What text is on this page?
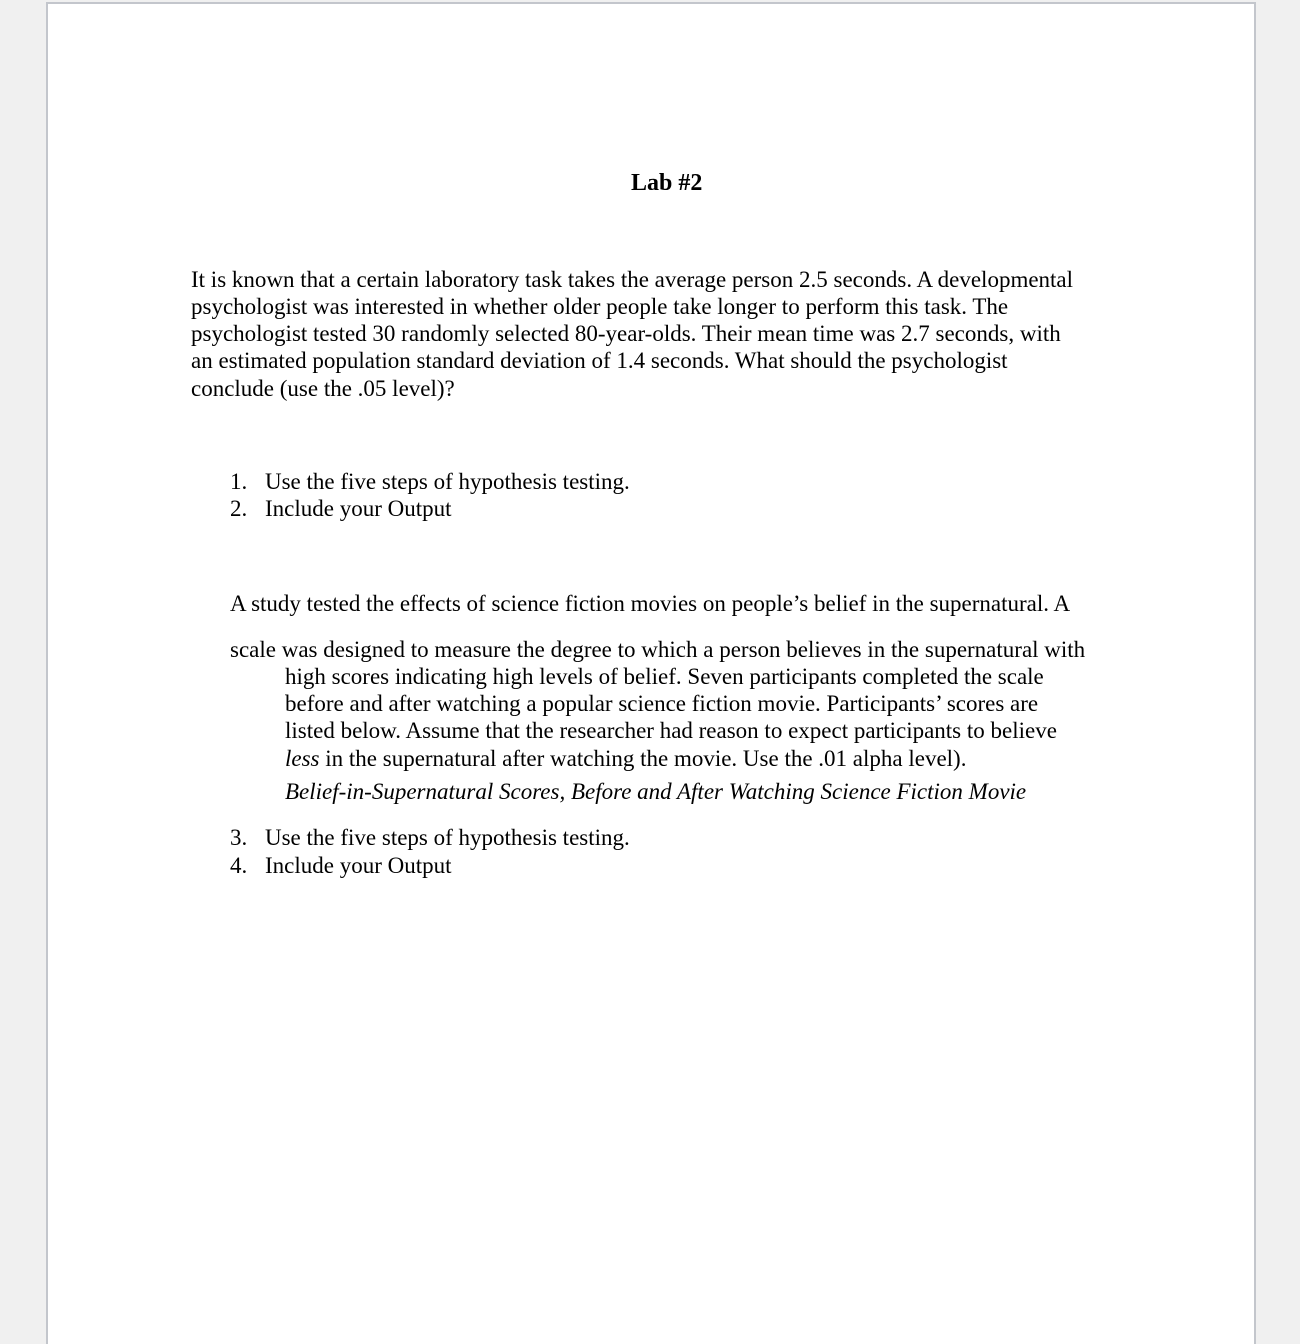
Lab #2
It is known that a certain laboratory task takes the average person 2.5 seconds. A developmental
psychologist was interested in whether older people take longer to perform this task. The
psychologist tested 30 randomly selected 80-year-olds. Their mean time was 2.7 seconds, with
an estimated population standard deviation of 1.4 seconds. What should the psychologist
conclude (use the .05 level)?
1. Use the five steps of hypothesis testing.
2. Include your Output
A study tested the effects of science fiction movies on people’s belief in the supernatural. A
scale was designed to measure the degree to which a person believes in the supernatural with
high scores indicating high levels of belief. Seven participants completed the scale
before and after watching a popular science fiction movie. Participants’ scores are
listed below. Assume that the researcher had reason to expect participants to believe
less in the supernatural after watching the movie. Use the .01 alpha level).
Belief-in-Supernatural Scores, Before and After Watching Science Fiction Movie
3. Use the five steps of hypothesis testing.
4. Include your Output
